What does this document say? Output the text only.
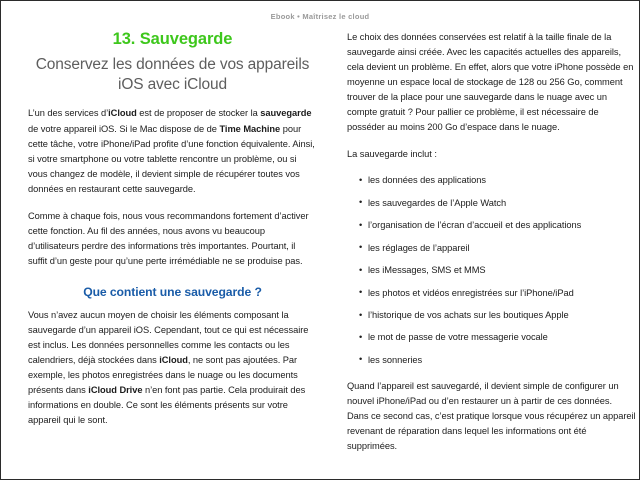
Ebook • Maîtrisez le cloud
13. Sauvegarde
Conservez les données de vos appareils iOS avec iCloud

L’un des services d’iCloud est de proposer de stocker la sauvegarde de votre appareil iOS. Si le Mac dispose de de Time Machine pour cette tâche, votre iPhone/iPad profite d’une fonction équivalente. Ainsi, si votre smartphone ou votre tablette rencontre un problème, ou si vous changez de modèle, il devient simple de récupérer toutes vos données en restaurant cette sauvegarde.

Comme à chaque fois, nous vous recommandons fortement d’activer cette fonction. Au fil des années, nous avons vu beaucoup d’utilisateurs perdre des informations très importantes. Pourtant, il suffit d’un geste pour qu’une perte irrémédiable ne se produise pas.

Que contient une sauvegarde ?

Vous n’avez aucun moyen de choisir les éléments composant la sauvegarde d’un appareil iOS. Cependant, tout ce qui est nécessaire est inclus. Les données personnelles comme les contacts ou les calendriers, déjà stockées dans iCloud, ne sont pas ajoutées. Par exemple, les photos enregistrées dans le nuage ou les documents présents dans iCloud Drive n’en font pas partie. Cela produirait des informations en double. Ce sont les éléments présents sur votre appareil qui le sont.

Le choix des données conservées est relatif à la taille finale de la sauvegarde ainsi créée. Avec les capacités actuelles des appareils, cela devient un problème. En effet, alors que votre iPhone possède en moyenne un espace local de stockage de 128 ou 256 Go, comment trouver de la place pour une sauvegarde dans le nuage avec un compte gratuit ? Pour pallier ce problème, il est nécessaire de posséder au moins 200 Go d’espace dans le nuage.

La sauvegarde inclut :

• les données des applications
• les sauvegardes de l’Apple Watch
• l’organisation de l’écran d’accueil et des applications
• les réglages de l’appareil
• les iMessages, SMS et MMS
• les photos et vidéos enregistrées sur l’iPhone/iPad
• l’historique de vos achats sur les boutiques Apple
• le mot de passe de votre messagerie vocale
• les sonneries

Quand l’appareil est sauvegardé, il devient simple de configurer un nouvel iPhone/iPad ou d’en restaurer un à partir de ces données. Dans ce second cas, c’est pratique lorsque vous récupérez un appareil revenant de réparation dans lequel les informations ont été supprimées.
